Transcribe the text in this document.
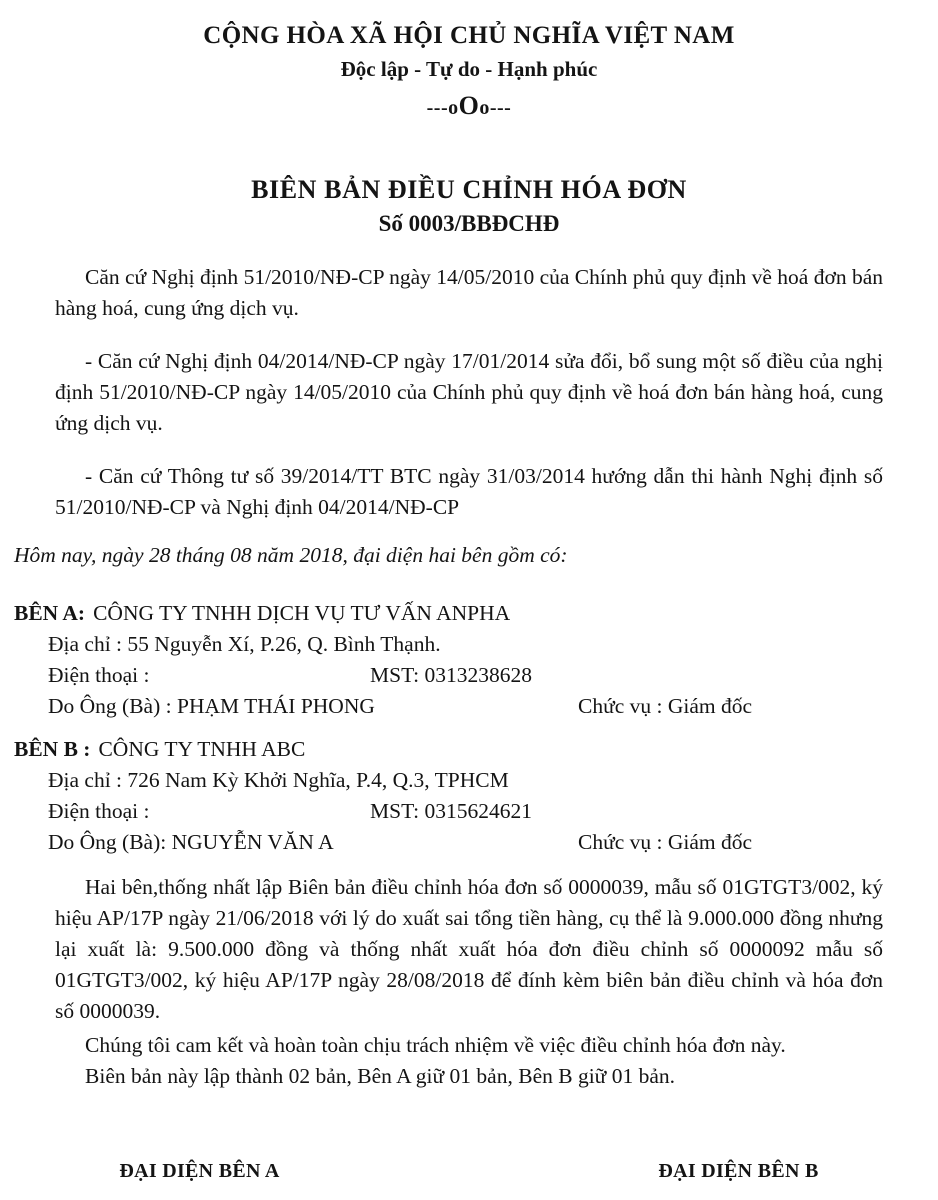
CỘNG HÒA XÃ HỘI CHỦ NGHĨA VIỆT NAM
Độc lập - Tự do - Hạnh phúc
---oOo---
BIÊN BẢN ĐIỀU CHỈNH HÓA ĐƠN
Số 0003/BBĐCHĐ

Căn cứ Nghị định 51/2010/NĐ-CP ngày 14/05/2010 của Chính phủ quy định về hoá đơn bán hàng hoá, cung ứng dịch vụ.

- Căn cứ Nghị định 04/2014/NĐ-CP ngày 17/01/2014 sửa đổi, bổ sung một số điều của nghị định 51/2010/NĐ-CP ngày 14/05/2010 của Chính phủ quy định về hoá đơn bán hàng hoá, cung ứng dịch vụ.

- Căn cứ Thông tư số 39/2014/TT BTC ngày 31/03/2014 hướng dẫn thi hành Nghị định số 51/2010/NĐ-CP và Nghị định 04/2014/NĐ-CP

Hôm nay, ngày 28 tháng 08 năm 2018, đại diện hai bên gồm có:
BÊN A: CÔNG TY TNHH DỊCH VỤ TƯ VẤN ANPHA
Địa chỉ : 55 Nguyễn Xí, P.26, Q. Bình Thạnh.
Điện thoại :	MST: 0313238628
Do Ông (Bà) : PHẠM THÁI PHONG	Chức vụ : Giám đốc
BÊN B : CÔNG TY TNHH ABC
Địa chỉ : 726 Nam Kỳ Khởi Nghĩa, P.4, Q.3, TPHCM
Điện thoại :	MST: 0315624621
Do Ông (Bà): NGUYỄN VĂN A	Chức vụ : Giám đốc

Hai bên,thống nhất lập Biên bản điều chỉnh hóa đơn số 0000039, mẫu số 01GTGT3/002, ký hiệu AP/17P ngày 21/06/2018 với lý do xuất sai tổng tiền hàng, cụ thể là 9.000.000 đồng nhưng lại xuất là: 9.500.000 đồng và thống nhất xuất hóa đơn điều chỉnh số 0000092 mẫu số 01GTGT3/002, ký hiệu AP/17P ngày 28/08/2018 để đính kèm biên bản điều chỉnh và hóa đơn số 0000039.

Chúng tôi cam kết và hoàn toàn chịu trách nhiệm về việc điều chỉnh hóa đơn này.

Biên bản này lập thành 02 bản, Bên A giữ 01 bản, Bên B giữ 01 bản.

ĐẠI DIỆN BÊN A	ĐẠI DIỆN BÊN B
